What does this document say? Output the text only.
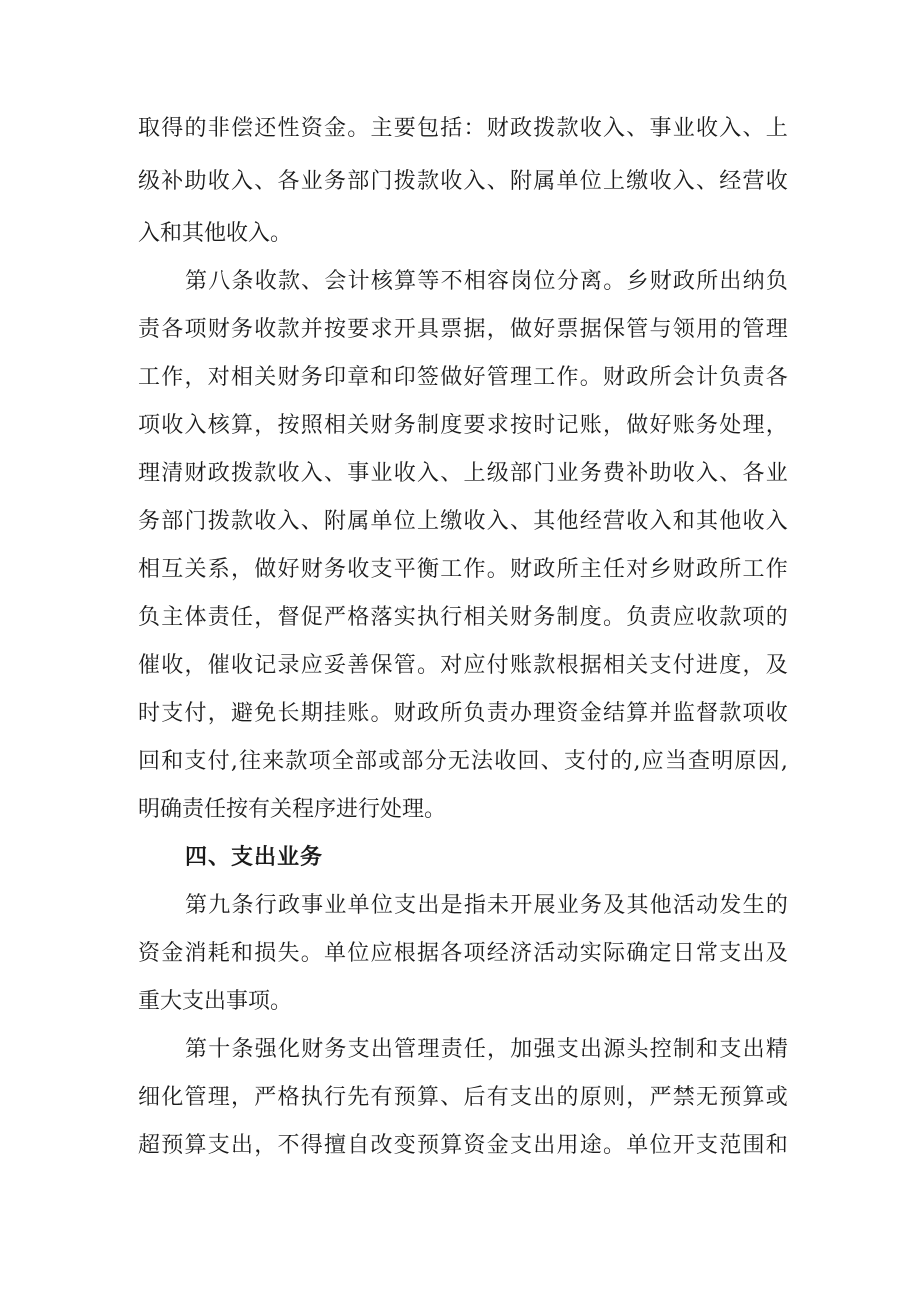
取 得 的 非 偿 还 性 资 金 。 主 要 包 括 ： 财 政 拨 款 收 入 、 事 业 收 入 、 上
级 补 助 收 入 、 各 业 务 部 门 拨 款 收 入 、 附 属 单 位 上 缴 收 入 、 经 营 收
入和其他收入。
第 八 条 收 款 、 会 计 核 算 等 不 相 容 岗 位 分 离 。 乡 财 政 所 出 纳 负
责 各 项 财 务 收 款 并 按 要 求 开 具 票 据 ， 做 好 票 据 保 管 与 领 用 的 管 理
工 作 ， 对 相 关 财 务 印 章 和 印 签 做 好 管 理 工 作 。 财 政 所 会 计 负 责 各
项 收 入 核 算 ， 按 照 相 关 财 务 制 度 要 求 按 时 记 账 ， 做 好 账 务 处 理 ，
理 清 财 政 拨 款 收 入 、 事 业 收 入 、 上 级 部 门 业 务 费 补 助 收 入 、 各 业
务 部 门 拨 款 收 入 、 附 属 单 位 上 缴 收 入 、 其 他 经 营 收 入 和 其 他 收 入
相 互 关 系 ， 做 好 财 务 收 支 平 衡 工 作 。 财 政 所 主 任 对 乡 财 政 所 工 作
负 主 体 责 任 ， 督 促 严 格 落 实 执 行 相 关 财 务 制 度 。 负 责 应 收 款 项 的
催 收 ， 催 收 记 录 应 妥 善 保 管 。 对 应 付 账 款 根 据 相 关 支 付 进 度 ， 及
时 支 付 ， 避 免 长 期 挂 账 。 财 政 所 负 责 办 理 资 金 结 算 并 监 督 款 项 收
回 和 支 付 , 往 来 款 项 全 部 或 部 分 无 法 收 回 、 支 付 的 , 应 当 查 明 原 因 ,
明确责任按有关程序进行处理。
四、支出业务
第 九 条 行 政 事 业 单 位 支 出 是 指 未 开 展 业 务 及 其 他 活 动 发 生 的
资 金 消 耗 和 损 失 。 单 位 应 根 据 各 项 经 济 活 动 实 际 确 定 日 常 支 出 及
重大支出事项。
第 十 条 强 化 财 务 支 出 管 理 责 任 ， 加 强 支 出 源 头 控 制 和 支 出 精
细 化 管 理 ， 严 格 执 行 先 有 预 算 、 后 有 支 出 的 原 则 ， 严 禁 无 预 算 或
超 预 算 支 出 ， 不 得 擅 自 改 变 预 算 资 金 支 出 用 途 。 单 位 开 支 范 围 和
